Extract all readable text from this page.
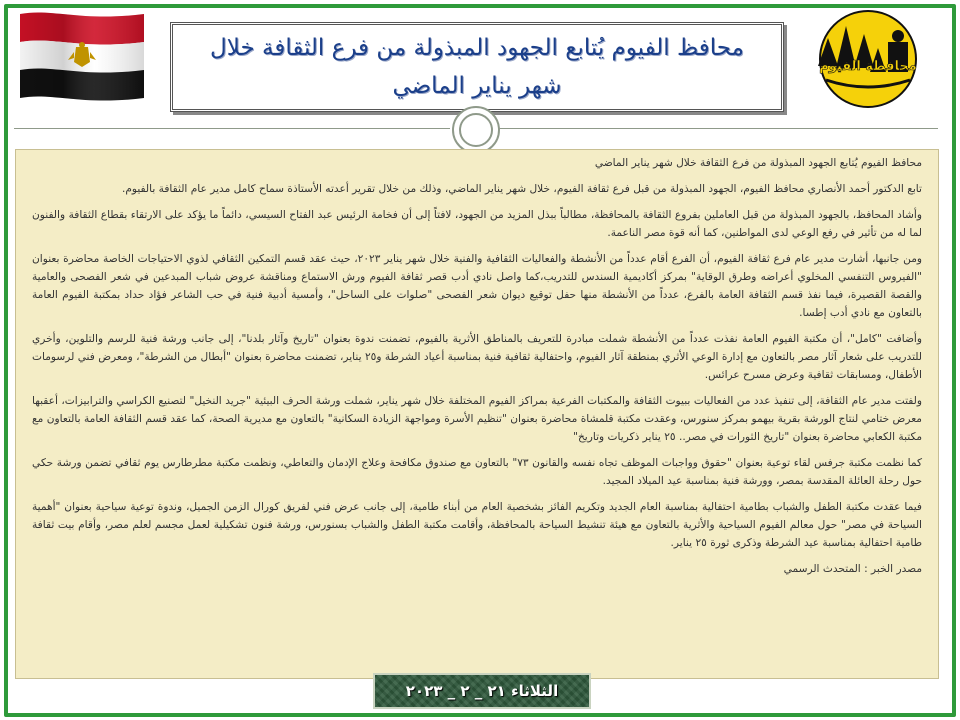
محافظة الفيوم
محافظ الفيوم يُتابع الجهود المبذولة من فرع الثقافة خلال شهر يناير الماضي

محافظ الفيوم يُتابع الجهود المبذولة من فرع الثقافة خلال شهر يناير الماضي

تابع الدكتور أحمد الأنصاري محافظ الفيوم، الجهود المبذولة من قبل فرع ثقافة الفيوم، خلال شهر يناير الماضي، وذلك من خلال تقرير أعدته الأستاذة سماح كامل مدير عام الثقافة بالفيوم.

وأشاد المحافظ، بالجهود المبذولة من قبل العاملين بفروع الثقافة بالمحافظة، مطالباً ببذل المزيد من الجهود، لافتاً إلى أن فخامة الرئيس عبد الفتاح السيسي، دائماً ما يؤكد على الارتقاء بقطاع الثقافة والفنون لما له من تأثير في رفع الوعي لدى المواطنين، كما أنه قوة مصر الناعمة.

ومن جانبها، أشارت مدير عام فرع ثقافة الفيوم، أن الفرع أقام عدداً من الأنشطة والفعاليات الثقافية والفنية خلال شهر يناير ٢٠٢٣، حيث عقد قسم التمكين الثقافي لذوي الاحتياجات الخاصة محاضرة بعنوان "الفيروس التنفسي المخلوي أعراضه وطرق الوقاية" بمركز أكاديمية السندس للتدريب،كما واصل نادي أدب قصر ثقافة الفيوم ورش الاستماع ومناقشة عروض شباب المبدعين في شعر الفصحى والعامية والقصة القصيرة، فيما نفذ قسم الثقافة العامة بالفرع، عدداً من الأنشطة منها حفل توقيع ديوان شعر الفصحى "صلوات على الساحل"، وأمسية أدبية فنية في حب الشاعر فؤاد حداد بمكتبة الفيوم العامة بالتعاون مع نادي أدب إطسا.

وأضافت "كامل"، أن مكتبة الفيوم العامة نفذت عدداً من الأنشطة شملت مبادرة للتعريف بالمناطق الأثرية بالفيوم، تضمنت ندوة بعنوان "تاريخ وآثار بلدنا"، إلى جانب ورشة فنية للرسم والتلوين، وأخري للتدريب على شعار آثار مصر بالتعاون مع إدارة الوعي الأثري بمنطقة آثار الفيوم، واحتفالية ثقافية فنية بمناسبة أعياد الشرطة و٢٥ يناير، تضمنت محاضرة بعنوان "أبطال من الشرطة"، ومعرض فني لرسومات الأطفال، ومسابقات ثقافية وعرض مسرح عرائس.

ولفتت مدير عام الثقافة، إلى تنفيذ عدد من الفعاليات ببيوت الثقافة والمكتبات الفرعية بمراكز الفيوم المختلفة خلال شهر يناير، شملت ورشة الحرف البيئية "جريد النخيل" لتصنيع الكراسي والترابيزات، أعقبها معرض ختامي لنتاج الورشة بقرية بيهمو بمركز سنورس، وعقدت مكتبة قلمشاة محاضرة بعنوان "تنظيم الأسرة ومواجهة الزيادة السكانية" بالتعاون مع مديرية الصحة، كما عقد قسم الثقافة العامة بالتعاون مع مكتبة الكعابي محاضرة بعنوان "تاريخ الثورات في مصر.. ٢٥ يناير ذكريات وتاريخ"

كما نظمت مكتبة جرفس لقاء توعية بعنوان "حقوق وواجبات الموظف تجاه نفسه والقانون ٧٣" بالتعاون مع صندوق مكافحة وعلاج الإدمان والتعاطي، ونظمت مكتبة مطرطارس يوم ثقافي تضمن ورشة حكي حول رحلة العائلة المقدسة بمصر، وورشة فنية بمناسبة عيد الميلاد المجيد.

فيما عقدت مكتبة الطفل والشباب بطامية احتفالية بمناسبة العام الجديد وتكريم الفائز بشخصية العام من أبناء طامية، إلى جانب عرض فني لفريق كورال الزمن الجميل، وندوة توعية سياحية بعنوان "أهمية السياحة في مصر" حول معالم الفيوم السياحية والأثرية بالتعاون مع هيئة تنشيط السياحة بالمحافظة، وأقامت مكتبة الطفل والشباب بسنورس، ورشة فنون تشكيلية لعمل مجسم لعلم مصر، وأقام بيت ثقافة طامية احتفالية بمناسبة عيد الشرطة وذكرى ثورة ٢٥ يناير.

مصدر الخبر : المتحدث الرسمي

الثلاثاء ٢١ _ ٢ _ ٢٠٢٣
